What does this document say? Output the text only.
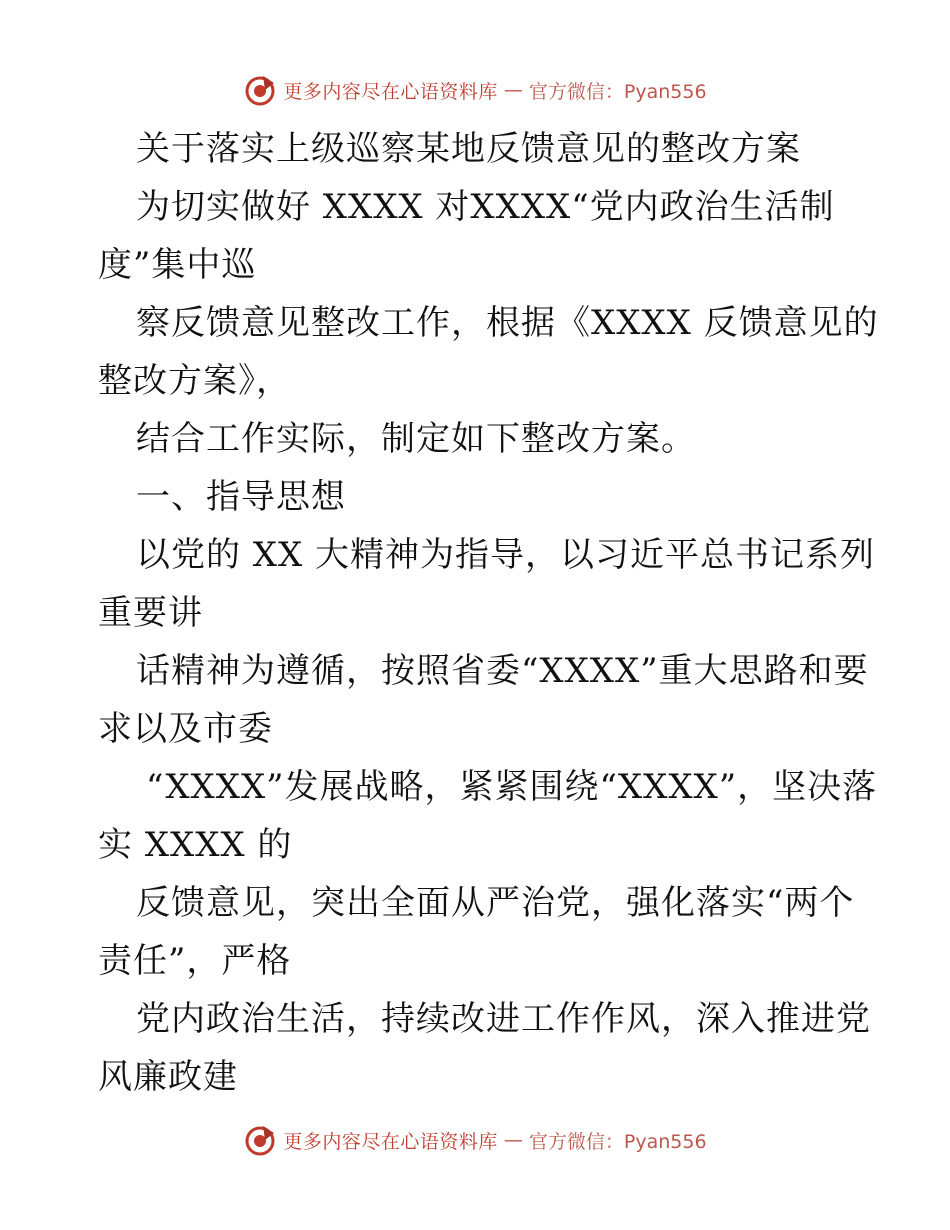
更多内容尽在心语资料库 — 官方微信：Pyan556
关于落实上级巡察某地反馈意见的整改方案
为切实做好 XXXX 对XXXX“党内政治生活制
度”集中巡
察反馈意见整改工作，根据《XXXX 反馈意见的
整改方案》，
结合工作实际，制定如下整改方案。
一、指导思想
以党的 XX 大精神为指导，以习近平总书记系列
重要讲
话精神为遵循，按照省委“XXXX”重大思路和要
求以及市委
“XXXX”发展战略，紧紧围绕“XXXX”，坚决落
实 XXXX 的
反馈意见，突出全面从严治党，强化落实“两个
责任”，严格
党内政治生活，持续改进工作作风，深入推进党
风廉政建
更多内容尽在心语资料库 — 官方微信：Pyan556
